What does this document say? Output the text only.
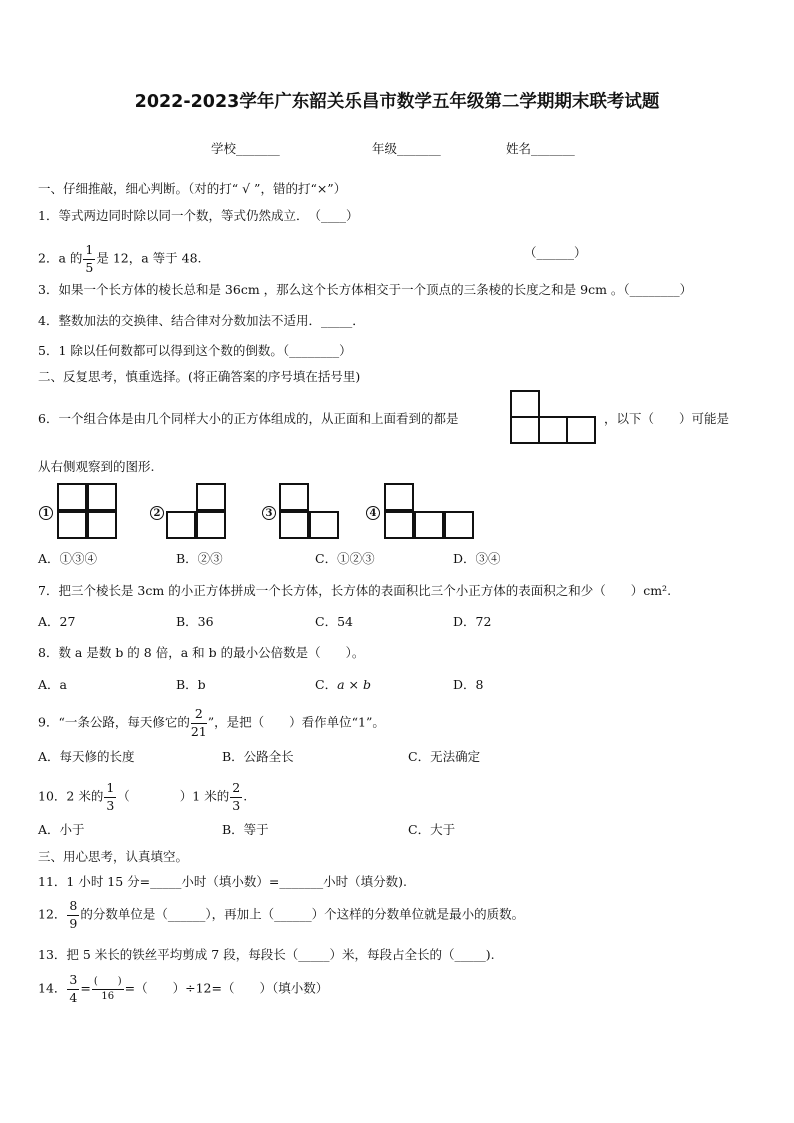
2022-2023学年广东韶关乐昌市数学五年级第二学期期末联考试题
学校_______	年级_______	姓名_______
一、仔细推敲，细心判断。（对的打“ √ ”，错的打“×”）
1．等式两边同时除以同一个数，等式仍然成立．　（____）
2．a 的 $\frac{1}{5}$ 是 12，a 等于 48.	（______）
3．如果一个长方体的棱长总和是 36cm ，那么这个长方体相交于一个顶点的三条棱的长度之和是 9cm 。（________）
4．整数加法的交换律、结合律对分数加法不适用．_____．
5．1 除以任何数都可以得到这个数的倒数。（________）
二、反复思考，慎重选择。(将正确答案的序号填在括号里)
6．一个组合体是由几个同样大小的正方体组成的，从正面和上面看到的都是	，以下（　　）可能是
从右侧观察到的图形.
1	2	3	4
A．①③④	B．②③	C．①②③	D．③④
7．把三个棱长是 3cm 的小正方体拼成一个长方体，长方体的表面积比三个小正方体的表面积之和少（　　）cm².
A．27	B．36	C．54	D．72
8．数 a 是数 b 的 8 倍，a 和 b 的最小公倍数是（　　）。
A．a	B．b	C．a × b	D．8
9．“一条公路，每天修它的 $\frac{2}{21}$ ”，是把（　　）看作单位“1”。
A．每天修的长度	B．公路全长	C．无法确定
10．2 米的 $\frac{1}{3}$ （　　　　）1 米的 $\frac{2}{3}$ .
A．小于	B．等于	C．大于
三、用心思考，认真填空。
11．1 小时 15 分=_____小时（填小数）=_______小时（填分数).
12． $\frac{8}{9}$ 的分数单位是（______），再加上（______）个这样的分数单位就是最小的质数。
13．把 5 米长的铁丝平均剪成 7 段，每段长（_____）米，每段占全长的（_____).
14． $\frac{3}{4} = \frac{( )}{16}$ =（　　）÷12=（　　）（填小数）
